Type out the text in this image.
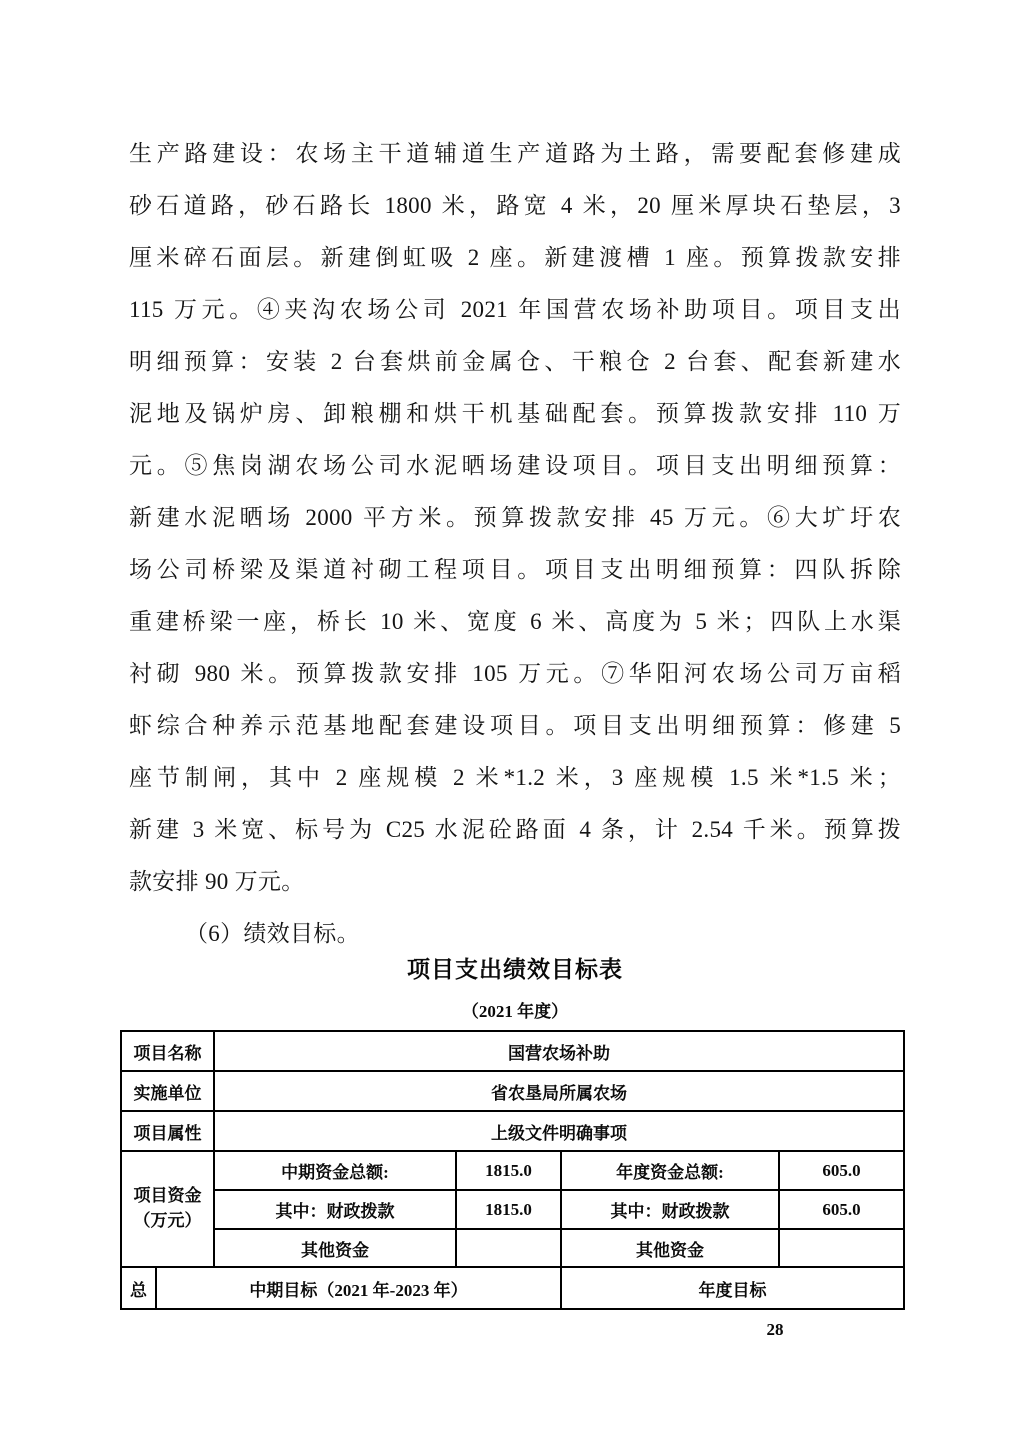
生产路建设：农场主干道辅道生产道路为土路，需要配套修建成
砂石道路，砂石路长 1800 米，路宽 4 米，20 厘米厚块石垫层，3
厘米碎石面层。新建倒虹吸 2 座。新建渡槽 1 座。预算拨款安排
115 万元。④夹沟农场公司 2021 年国营农场补助项目。项目支出
明细预算：安装 2 台套烘前金属仓、干粮仓 2 台套、配套新建水
泥地及锅炉房、卸粮棚和烘干机基础配套。预算拨款安排 110 万
元。⑤焦岗湖农场公司水泥晒场建设项目。项目支出明细预算：
新建水泥晒场 2000 平方米。预算拨款安排 45 万元。⑥大圹圩农
场公司桥梁及渠道衬砌工程项目。项目支出明细预算：四队拆除
重建桥梁一座，桥长 10 米、宽度 6 米、高度为 5 米；四队上水渠
衬砌 980 米。预算拨款安排 105 万元。⑦华阳河农场公司万亩稻
虾综合种养示范基地配套建设项目。项目支出明细预算：修建 5
座节制闸，其中 2 座规模 2 米*1.2 米，3 座规模 1.5 米*1.5 米；
新建 3 米宽、标号为 C25 水泥砼路面 4 条，计 2.54 千米。预算拨
款安排 90 万元。
（6）绩效目标。
项目支出绩效目标表
（2021 年度）
项目名称		国营农场补助			
实施单位		省农垦局所属农场			
项目属性		上级文件明确事项			
项目资金
（万元）		中期资金总额:	1815.0	年度资金总额:	605.0
		其中：财政拨款	1815.0	其中：财政拨款	605.0
		其他资金		其他资金	
总	中期目标（2021 年-2023 年）			年度目标	
28
